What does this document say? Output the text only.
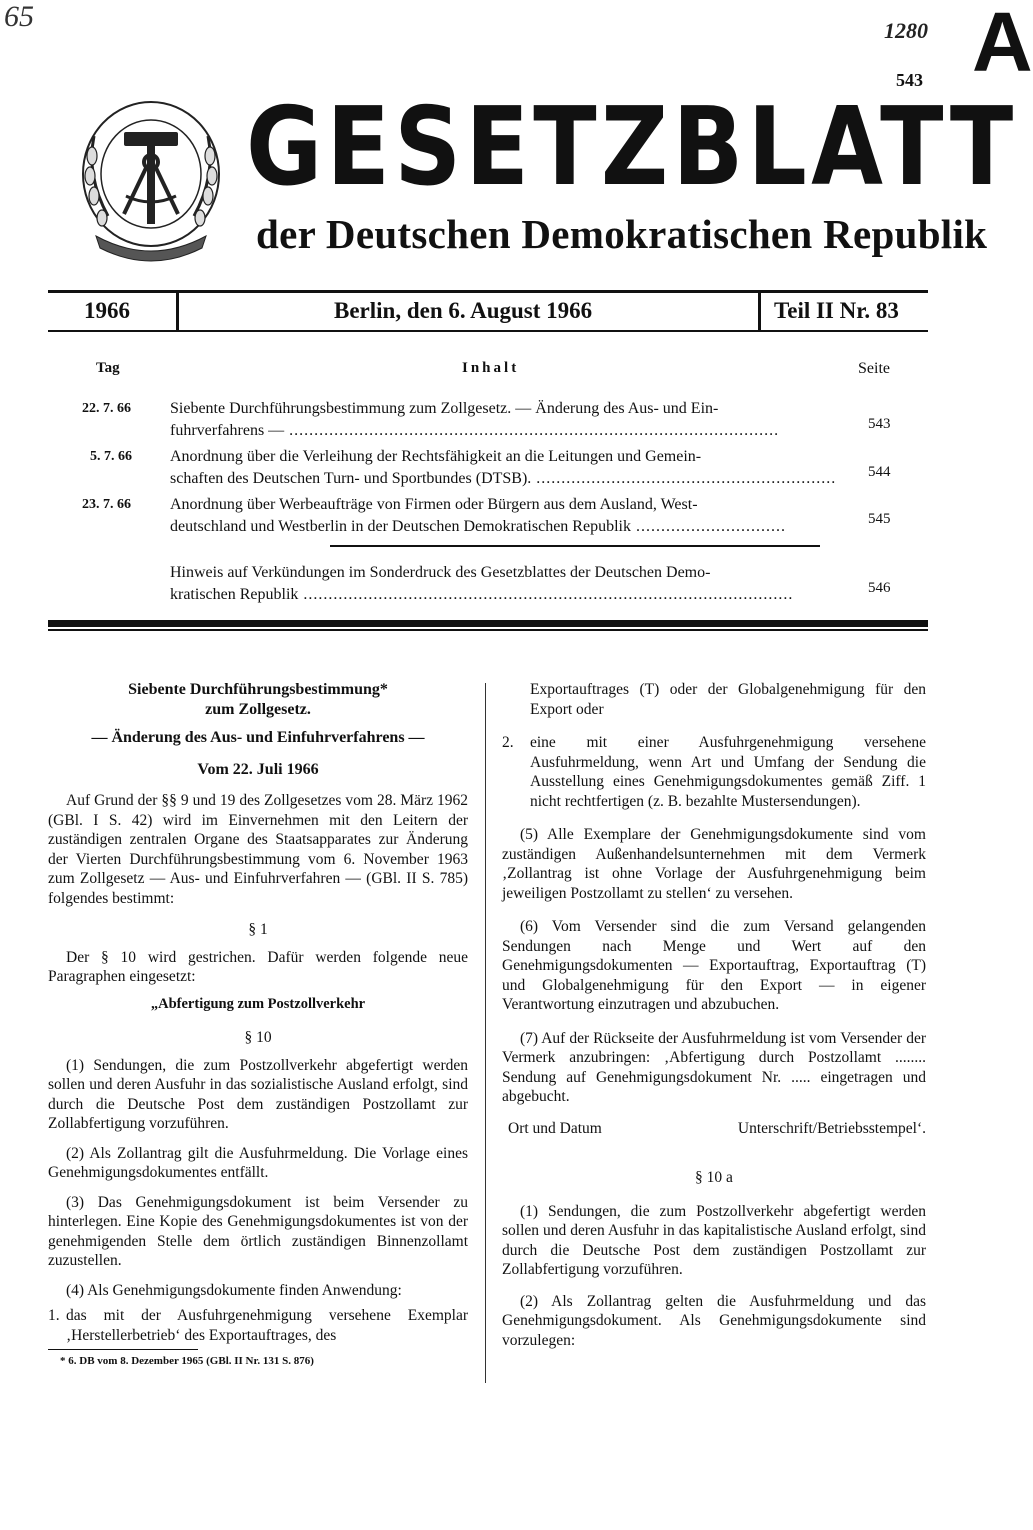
65	1280 A
543
GESETZBLATT
der Deutschen Demokratischen Republik
1966	Berlin, den 6. August 1966	Teil II Nr. 83
Tag	Inhalt	Seite
22. 7. 66 Siebente Durchführungsbestimmung zum Zollgesetz. — Änderung des Aus- und Ein-
fuhrverfahrens — ..................................................................................................	543
5. 7. 66 Anordnung über die Verleihung der Rechtsfähigkeit an die Leitungen und Gemein-
schaften des Deutschen Turn- und Sportbundes (DTSB). ............................................................ 544
23. 7. 66 Anordnung über Werbeaufträge von Firmen oder Bürgern aus dem Ausland, West-
deutschland und Westberlin in der Deutschen Demokratischen Republik ..............................	545
Hinweis auf Verkündungen im Sonderdruck des Gesetzblattes der Deutschen Demo-
kratischen Republik ..................................................................................................	546

Siebente Durchführungsbestimmung*

zum Zollgesetz.

— Änderung des Aus- und Einfuhrverfahrens —

Vom 22. Juli 1966

Auf Grund der §§ 9 und 19 des Zollgesetzes vom 28. März 1962 (GBl. I S. 42) wird im Einvernehmen mit den Leitern der zuständigen zentralen Organe des Staatsapparates zur Änderung der Vierten Durchführungsbestimmung vom 6. November 1963 zum Zollgesetz — Aus- und Einfuhrverfahren — (GBl. II S. 785) folgendes bestimmt:

§ 1

Der § 10 wird gestrichen. Dafür werden folgende neue Paragraphen eingesetzt:

„Abfertigung zum Postzollverkehr

§ 10

(1) Sendungen, die zum Postzollverkehr abgefertigt werden sollen und deren Ausfuhr in das sozialistische Ausland erfolgt, sind durch die Deutsche Post dem zuständigen Postzollamt zur Zollabfertigung vorzuführen.

(2) Als Zollantrag gilt die Ausfuhrmeldung. Die Vorlage eines Genehmigungsdokumentes entfällt.

(3) Das Genehmigungsdokument ist beim Versender zu hinterlegen. Eine Kopie des Genehmigungsdokumentes ist von der genehmigenden Stelle dem örtlich zuständigen Binnenzollamt zuzustellen.

(4) Als Genehmigungsdokumente finden Anwendung:

1. das mit der Ausfuhrgenehmigung versehene Exemplar ‚Herstellerbetrieb‘ des Exportauftrages, des

* 6. DB vom 8. Dezember 1965 (GBl. II Nr. 131 S. 876)

Exportauftrages (T) oder der Globalgenehmigung für den Export oder

2.	eine mit einer Ausfuhrgenehmigung versehene Ausfuhrmeldung, wenn Art und Umfang der Sendung die Ausstellung eines Genehmigungsdokumentes gemäß Ziff. 1 nicht rechtfertigen (z. B. bezahlte Mustersendungen).

(5) Alle Exemplare der Genehmigungsdokumente sind vom zuständigen Außenhandelsunternehmen mit dem Vermerk ‚Zollantrag ist ohne Vorlage der Ausfuhrgenehmigung beim jeweiligen Postzollamt zu stellen‘ zu versehen.

(6) Vom Versender sind die zum Versand gelangenden Sendungen nach Menge und Wert auf den Genehmigungsdokumenten — Exportauftrag, Exportauftrag (T) und Globalgenehmigung für den Export — in eigener Verantwortung einzutragen und abzubuchen.

(7) Auf der Rückseite der Ausfuhrmeldung ist vom Versender der Vermerk anzubringen: ‚Abfertigung durch Postzollamt ........ Sendung auf Genehmigungsdokument Nr. ..... eingetragen und abgebucht.

Ort und Datum	Unterschrift/Betriebsstempel‘.

§ 10 a

(1) Sendungen, die zum Postzollverkehr abgefertigt werden sollen und deren Ausfuhr in das kapitalistische Ausland erfolgt, sind durch die Deutsche Post dem zuständigen Postzollamt zur Zollabfertigung vorzuführen.

(2) Als Zollantrag gelten die Ausfuhrmeldung und das Genehmigungsdokument. Als Genehmigungsdokumente sind vorzulegen:
